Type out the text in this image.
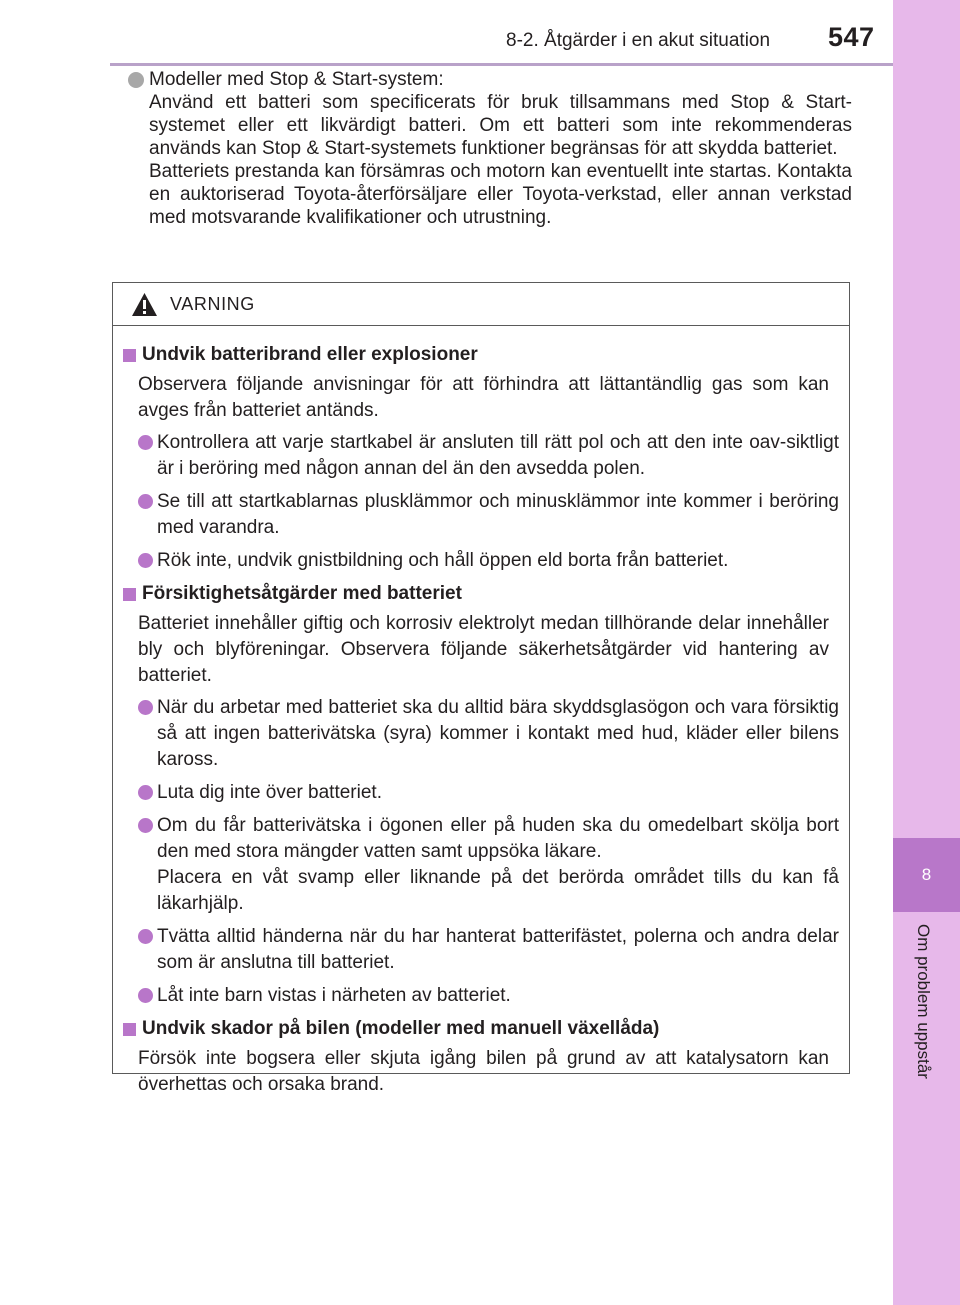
8
Om problem uppstår
8-2. Åtgärder i en akut situation 547
Modeller med Stop & Start-system:

Använd ett batteri som specificerats för bruk tillsammans med Stop & Start-systemet eller ett likvärdigt batteri. Om ett batteri som inte rekommenderas används kan Stop & Start-systemets funktioner begränsas för att skydda batteriet.

Batteriets prestanda kan försämras och motorn kan eventuellt inte startas. Kontakta en auktoriserad Toyota-återförsäljare eller Toyota-verkstad, eller annan verkstad med motsvarande kvalifikationer och utrustning.

VARNING
Undvik batteribrand eller explosioner
Observera följande anvisningar för att förhindra att lättantändlig gas som kan avges från batteriet antänds.
Kontrollera att varje startkabel är ansluten till rätt pol och att den inte oav-siktligt är i beröring med någon annan del än den avsedda polen.
Se till att startkablarnas plusklämmor och minusklämmor inte kommer i beröring med varandra.
Rök inte, undvik gnistbildning och håll öppen eld borta från batteriet.
Försiktighetsåtgärder med batteriet
Batteriet innehåller giftig och korrosiv elektrolyt medan tillhörande delar innehåller bly och blyföreningar. Observera följande säkerhetsåtgärder vid hantering av batteriet.
När du arbetar med batteriet ska du alltid bära skyddsglasögon och vara försiktig så att ingen batterivätska (syra) kommer i kontakt med hud, kläder eller bilens kaross.
Luta dig inte över batteriet.
Om du får batterivätska i ögonen eller på huden ska du omedelbart skölja bort den med stora mängder vatten samt uppsöka läkare.
Placera en våt svamp eller liknande på det berörda området tills du kan få läkarhjälp.
Tvätta alltid händerna när du har hanterat batterifästet, polerna och andra delar som är anslutna till batteriet.
Låt inte barn vistas i närheten av batteriet.
Undvik skador på bilen (modeller med manuell växellåda)
Försök inte bogsera eller skjuta igång bilen på grund av att katalysatorn kan överhettas och orsaka brand.
